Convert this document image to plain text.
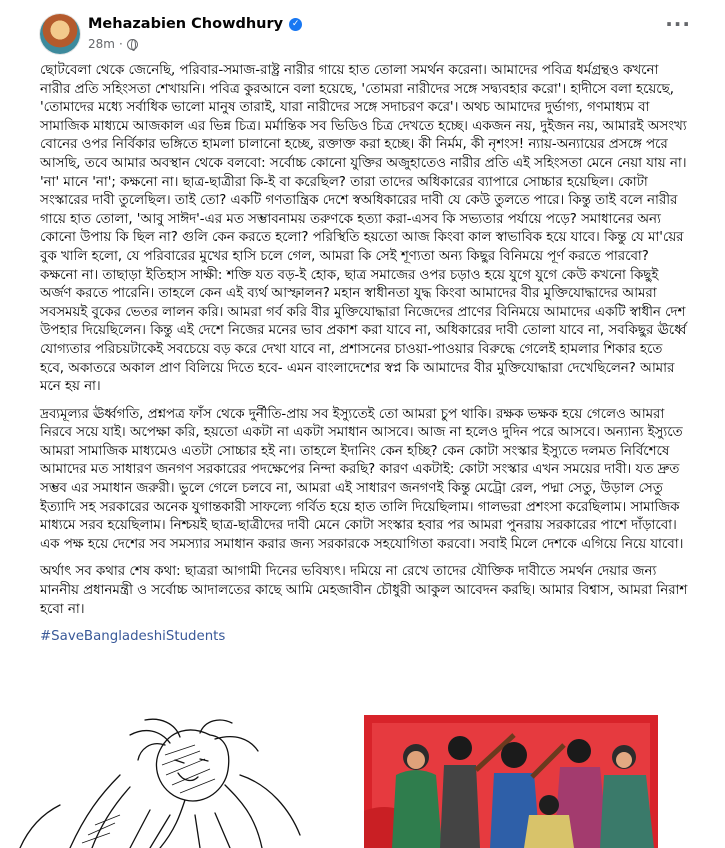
Mehazabien Chowdhury ✓
28m ·
···

ছোটবেলা থেকে জেনেছি, পরিবার-সমাজ-রাষ্ট্র নারীর গায়ে হাত তোলা সমর্থন করেনা। আমাদের পবিত্র ধর্মগ্রন্থও কখনো নারীর প্রতি সহিংসতা শেখায়নি। পবিত্র কুরআনে বলা হয়েছে, 'তোমরা নারীদের সঙ্গে সদ্ব্যবহার করো'। হাদীসে বলা হয়েছে, 'তোমাদের মধ্যে সর্বাধিক ভালো মানুষ তারাই, যারা নারীদের সঙ্গে সদাচরণ করে'। অথচ আমাদের দুর্ভাগ্য, গণমাধ্যম বা সামাজিক মাধ্যমে আজকাল এর ভিন্ন চিত্র। মর্মান্তিক সব ভিডিও চিত্র দেখতে হচ্ছে। একজন নয়, দুইজন নয়, আমারই অসংখ্য বোনের ওপর নির্বিকার ভঙ্গিতে হামলা চালানো হচ্ছে, রক্তাক্ত করা হচ্ছে। কী নির্মম, কী নৃশংস! ন্যায়-অন্যায়ের প্রসঙ্গে পরে আসছি, তবে আমার অবস্থান থেকে বলবো: সর্বোচ্চ কোনো যুক্তির অজুহাতেও নারীর প্রতি এই সহিংসতা মেনে নেয়া যায় না। 'না' মানে 'না'; কক্ষনো না। ছাত্র-ছাত্রীরা কি-ই বা করেছিল? তারা তাদের অধিকারের ব্যাপারে সোচ্চার হয়েছিল। কোটা সংস্কারের দাবী তুলেছিল। তাই তো? একটি গণতান্ত্রিক দেশে স্বঅধিকারের দাবী যে কেউ তুলতে পারে। কিন্তু তাই বলে নারীর গায়ে হাত তোলা, 'আবু সাঈদ'-এর মত সম্ভাবনাময় তরুণকে হত্যা করা-এসব কি সভ্যতার পর্যায়ে পড়ে? সমাধানের অন্য কোনো উপায় কি ছিল না? গুলি কেন করতে হলো? পরিস্থিতি হয়তো আজ কিংবা কাল স্বাভাবিক হয়ে যাবে। কিন্তু যে মা'য়ের বুক খালি হলো, যে পরিবারের মুখের হাসি চলে গেল, আমরা কি সেই শূণ্যতা অন্য কিছুর বিনিময়ে পূর্ণ করতে পারবো? কক্ষনো না। তাছাড়া ইতিহাস সাক্ষী: শক্তি যত বড়-ই হোক, ছাত্র সমাজের ওপর চড়াও হয়ে যুগে যুগে কেউ কখনো কিছুই অর্জণ করতে পারেনি। তাহলে কেন এই ব্যর্থ আস্ফালন? মহান স্বাধীনতা যুদ্ধ কিংবা আমাদের বীর মুক্তিযোদ্ধাদের আমরা সবসময়ই বুকের ভেতর লালন করি। আমরা গর্ব করি বীর মুক্তিযোদ্ধারা নিজেদের প্রাণের বিনিময়ে আমাদের একটি স্বাধীন দেশ উপহার দিয়েছিলেন। কিন্তু এই দেশে নিজের মনের ভাব প্রকাশ করা যাবে না, অধিকারের দাবী তোলা যাবে না, সবকিছুর ঊর্ধ্বে যোগ্যতার পরিচয়টাকেই সবচেয়ে বড় করে দেখা যাবে না, প্রশাসনের চাওয়া-পাওয়ার বিরুদ্ধে গেলেই হামলার শিকার হতে হবে, অকাতরে অকাল প্রাণ বিলিয়ে দিতে হবে- এমন বাংলাদেশের স্বপ্ন কি আমাদের বীর মুক্তিযোদ্ধারা দেখেছিলেন? আমার মনে হয় না।

দ্রব্যমূল্যর ঊর্ধ্বগতি, প্রশ্নপত্র ফাঁস থেকে দুর্নীতি-প্রায় সব ইস্যুতেই তো আমরা চুপ থাকি। রক্ষক ভক্ষক হয়ে গেলেও আমরা নিরবে সয়ে যাই। অপেক্ষা করি, হয়তো একটা না একটা সমাধান আসবে। আজ না হলেও দুদিন পরে আসবে। অন্যান্য ইস্যুতে আমরা সামাজিক মাধ্যমেও এতটা সোচ্চার হই না। তাহলে ইদানিং কেন হচ্ছি? কেন কোটা সংস্কার ইস্যুতে দলমত নির্বিশেষে আমাদের মত সাধারণ জনগণ সরকারের পদক্ষেপের নিন্দা করছি? কারণ একটাই: কোটা সংস্কার এখন সময়ের দাবী। যত দ্রুত সম্ভব এর সমাধান জরুরী। ভুলে গেলে চলবে না, আমরা এই সাধারণ জনগণই কিন্তু মেট্রো রেল, পদ্মা সেতু, উড়াল সেতু ইত্যাদি সহ সরকারের অনেক যুগান্তকারী সাফল্যে গর্বিত হয়ে হাত তালি দিয়েছিলাম। গালভরা প্রশংসা করেছিলাম। সামাজিক মাধ্যমে সরব হয়েছিলাম। নিশ্চয়ই ছাত্র-ছাত্রীদের দাবী মেনে কোটা সংস্কার হবার পর আমরা পুনরায় সরকারের পাশে দাঁড়াবো। এক পক্ষ হয়ে দেশের সব সমস্যার সমাধান করার জন্য সরকারকে সহযোগিতা করবো। সবাই মিলে দেশকে এগিয়ে নিয়ে যাবো।

অর্থাৎ সব কথার শেষ কথা: ছাত্ররা আগামী দিনের ভবিষ্যৎ। দমিয়ে না রেখে তাদের যৌক্তিক দাবীতে সমর্থন দেয়ার জন্য মাননীয় প্রধানমন্ত্রী ও সর্বোচ্চ আদালতের কাছে আমি মেহজাবীন চৌধুরী আকুল আবেদন করছি। আমার বিশ্বাস, আমরা নিরাশ হবো না।

#SaveBangladeshiStudents
